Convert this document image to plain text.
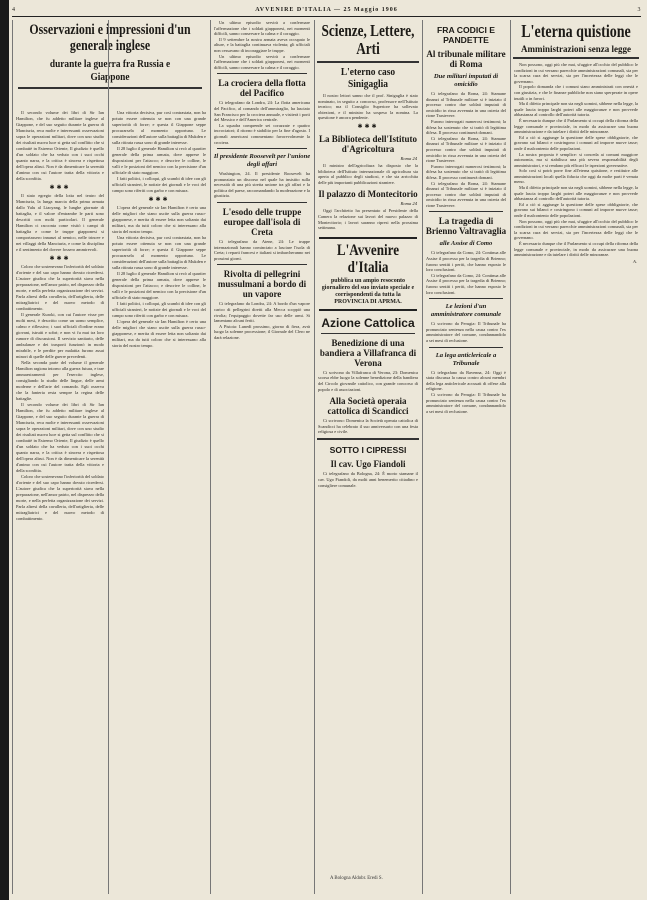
4	AVVENIRE D'ITALIA — 25 Maggio 1906	3
Osservazioni e impressioni d'un generale inglese
durante la guerra fra Russia e Giappone

Il secondo volume dei libri di Sir Ian Hamilton, che fu addetto militare inglese al Giappone, e del suo seguito durante la guerra di Manciuria, reca molte e interessanti osservazioni sopra le operazioni militari, dove con uno studio dei risultati nuova luce si getta sul conflitto che si combattè in Estremo Oriente, Il giudizio è quello d'un soldato che ha veduto con i suoi occhi quanto narra, e la critica è sincera e rispettosa dell'opera altrui. Non è da dimenticare la serenità d'animo con cui l'autore tratta della vittoria e della sconfitta.

✱✱✱

Il stato egregio della lotta nel teatro del Manciuria, la lunga marcia della prima armata dallo Yalu al Liaoyang, le lunghe giornate di battaglia, e il valore d'entrambe le parti sono descritti con molti particolari. Il generale Hamilton ci racconta come visitò i campi di battaglia e come le truppe giapponesi si comportassero innanzi al nemico, nelle trincee e nei villaggi della Manciuria, e come la disciplina e il sentimento del dovere fossero ammirevoli.

✱✱✱

Coloro che sostenevano l'inferiorità del soldato d'oriente e del suo capo hanno dovuto ricredersi. L'autore giudica che la superiorità stava nella preparazione, nell'amor patrio, nel disprezzo della morte, e nella perfetta organizzazione dei servizi. Parla altresì della cavalleria, dell'artiglieria, delle mitragliatrici e del nuovo metodo di combattimento.

Il generale Kuroki, con cui l'autore visse per molti mesi, è descritto come un uomo semplice, calmo e riflessivo; i suoi ufficiali d'ordine erano giovani, istruiti e sobri; e non vi fu mai tra loro rumore di discussioni. Il servizio sanitario, delle ambulanze e dei trasporti funzionò in modo mirabile, e le perdite per malattia furono assai minori di quelle delle guerre precedenti.

Nella seconda parte del volume il generale Hamilton ragiona intorno alla guerra futura, e trae ammaestramenti per l'esercito inglese, consigliando lo studio delle lingue, delle armi moderne e dell'arte del comando. Egli osserva che la fanteria resta sempre la regina delle battaglie.

Il secondo volume dei libri di Sir Ian Hamilton, che fu addetto militare inglese al Giappone, e del suo seguito durante la guerra di Manciuria, reca molte e interessanti osservazioni sopra le operazioni militari, dove con uno studio dei risultati nuova luce si getta sul conflitto che si combattè in Estremo Oriente, Il giudizio è quello d'un soldato che ha veduto con i suoi occhi quanto narra, e la critica è sincera e rispettosa dell'opera altrui. Non è da dimenticare la serenità d'animo con cui l'autore tratta della vittoria e della sconfitta.

Coloro che sostenevano l'inferiorità del soldato d'oriente e del suo capo hanno dovuto ricredersi. L'autore giudica che la superiorità stava nella preparazione, nell'amor patrio, nel disprezzo della morte, e nella perfetta organizzazione dei servizi. Parla altresì della cavalleria, dell'artiglieria, delle mitragliatrici e del nuovo metodo di combattimento.

Una vittoria decisiva, pur così contrastata, non ha potuto essere ottenuta se non con una grande superiorità di forze; e questa il Giappone seppe procurarsela al momento opportuno. Le considerazioni dell'autore sulla battaglia di Mukden e sulla ritirata russa sono di grande interesse.

Il 28 luglio il generale Hamilton si recò al quartier generale della prima armata, dove apprese le disposizioni per l'attacco; e descrive le colline, le valli e le posizioni del nemico con la precisione d'un ufficiale di stato maggiore.

I fatti politici, i colloqui, gli scambi di idee con gli ufficiali stranieri, le notizie dei giornali e le voci del campo sono riferiti con garbo e con misura.

✱✱✱

L'opera del generale sir Ian Hamilton è certo una delle migliori che siano uscite sulla guerra russo-giapponese, e merita di essere letta non soltanto dai militari, ma da tutti coloro che si interessano alla storia del nostro tempo.

Una vittoria decisiva, pur così contrastata, non ha potuto essere ottenuta se non con una grande superiorità di forze; e questa il Giappone seppe procurarsela al momento opportuno. Le considerazioni dell'autore sulla battaglia di Mukden e sulla ritirata russa sono di grande interesse.

Il 28 luglio il generale Hamilton si recò al quartier generale della prima armata, dove apprese le disposizioni per l'attacco; e descrive le colline, le valli e le posizioni del nemico con la precisione d'un ufficiale di stato maggiore.

I fatti politici, i colloqui, gli scambi di idee con gli ufficiali stranieri, le notizie dei giornali e le voci del campo sono riferiti con garbo e con misura.

L'opera del generale sir Ian Hamilton è certo una delle migliori che siano uscite sulla guerra russo-giapponese, e merita di essere letta non soltanto dai militari, ma da tutti coloro che si interessano alla storia del nostro tempo.

Un ultimo episodio servirà a confermare l'affermazione che i soldati giapponesi, nei momenti difficili, sanno conservare la calma e il coraggio.

Il 9 settembre la nostra armata aveva occupato le alture, e la battaglia continuava violenta; gli ufficiali non cessavano di incoraggiare le truppe.

Un ultimo episodio servirà a confermare l'affermazione che i soldati giapponesi, nei momenti difficili, sanno conservare la calma e il coraggio.

La crociera della flotta del Pacifico

Ci telegrafano da Londra, 24: La flotta americana del Pacifico, al comando dell'ammiraglio, ha lasciato San Francisco per la crociera annuale, e visiterà i porti del Messico e dell'America centrale.

La squadra comprende sei corazzate e quattro incrociatori; il ritorno è stabilito per la fine d'agosto. I giornali americani commentano favorevolmente la crociera.

Il presidente Roosevelt per l'unione degli affari

Washington, 24. Il presidente Roosevelt ha pronunziato un discorso nel quale ha insistito sulla necessità di una più stretta unione tra gli affari e la politica del paese, raccomandando la moderazione e la giustizia.

L'esodo delle truppe europee dall'isola di Creta

Ci telegrafano da Atene, 24: Le truppe internazionali hanno cominciato a lasciare l'isola di Creta; i reparti francesi e italiani si imbarcheranno nei prossimi giorni.

Rivolta di pellegrini mussulmani a bordo di un vapore

Ci telegrafano da Londra, 24: A bordo d'un vapore carico di pellegrini diretti alla Mecca scoppiò una rivolta; l'equipaggio dovette far uso delle armi. Si lamentano alcuni feriti.

A Pistoia: Lunedì prossimo, giorno di fiera, avrà luogo la solenne processione; il Giornale del Clero ne darà relazione.

Scienze, Lettere, Arti
L'eterno caso Sinigaglia

Il nostro lettori sanno che il prof. Sinigaglia è stato nominato, in seguito a concorso, professore nell'Istituto tecnico; ma il Consiglio Superiore ha sollevato obiezioni, e il ministro ha sospeso la nomina. La questione è ancora pendente.

✱✱✱
La Biblioteca dell'Istituto d'Agricoltura
Roma 24

Il ministro dell'agricoltura ha disposto che la biblioteca dell'Istituto internazionale di agricoltura sia aperta al pubblico degli studiosi, e che sia arricchita delle più importanti pubblicazioni straniere.

Il palazzo di Montecitorio
Roma 24

Oggi l'architetto ha presentato al Presidente della Camera la relazione sui lavori del nuovo palazzo di Montecitorio; i lavori saranno ripresi nella prossima settimana.

L'Avvenire d'Italia
pubblica un ampio resoconto giornaliero del suo inviato speciale e corrispondenti da tutta la PROVINCIA DI APRMA.
Azione Cattolica
Benedizione di una bandiera a Villafranca di Verona

Ci scrivono da Villafranca di Verona, 23: Domenica scorsa ebbe luogo la solenne benedizione della bandiera del Circolo giovanile cattolico, con grande concorso di popolo e di associazioni.

Alla Società operaia cattolica di Scandicci

Ci scrivono: Domenica la Società operaia cattolica di Scandicci ha celebrato il suo anniversario con una festa religiosa e civile.

SOTTO I CIPRESSI
Il cav. Ugo Fiandoli

Ci telegrafano da Bologna, 24: È morto stamane il cav. Ugo Fiandoli, da molti anni benemerito cittadino e consigliere comunale.

FRA CODICI E PANDETTE
Al tribunale militare di Roma
Due militari imputati di omicidio

Ci telegrafano da Roma, 24: Stamane dinanzi al Tribunale militare si è iniziato il processo contro due soldati imputati di omicidio in rissa avvenuta in una osteria del rione Trastevere.

Furono interrogati numerosi testimoni; la difesa ha sostenuto che si trattò di legittima difesa. Il processo continuerà domani.

Ci telegrafano da Roma, 24: Stamane dinanzi al Tribunale militare si è iniziato il processo contro due soldati imputati di omicidio in rissa avvenuta in una osteria del rione Trastevere.

Furono interrogati numerosi testimoni; la difesa ha sostenuto che si trattò di legittima difesa. Il processo continuerà domani.

Ci telegrafano da Roma, 24: Stamane dinanzi al Tribunale militare si è iniziato il processo contro due soldati imputati di omicidio in rissa avvenuta in una osteria del rione Trastevere.

La tragedia di Brienno Valtravaglia
alle Assise di Como

Ci telegrafano da Como, 24: Continua alle Assise il processo per la tragedia di Brienno; furono sentiti i periti, che hanno esposto le loro conclusioni.

Ci telegrafano da Como, 24: Continua alle Assise il processo per la tragedia di Brienno; furono sentiti i periti, che hanno esposto le loro conclusioni.

Le lezioni d'un amministratore comunale

Ci scrivono da Perugia: Il Tribunale ha pronunciato sentenza nella causa contro l'ex amministratore del comune, condannandolo a sei mesi di reclusione.

La lega anticlericale a Tribunale

Ci telegrafano da Ravenna, 24: Oggi è stata discussa la causa contro alcuni membri della lega anticlericale accusati di offese alla religione.

Ci scrivono da Perugia: Il Tribunale ha pronunciato sentenza nella causa contro l'ex amministratore del comune, condannandolo a sei mesi di reclusione.

L'eterna quistione
Amministrazioni senza legge

Non possono, oggi più che mai, sfuggire all'occhio del pubblico le condizioni in cui versano parecchie amministrazioni comunali, sia per la scarsa cura dei servizi, sia per l'incertezza delle leggi che le governano.

Il popolo domanda che i comuni siano amministrati con onestà e con giustizia, e che le finanze pubbliche non siano sperperate in opere inutili o in favori.

Ma il difetto principale non sta negli uomini, sibbene nella legge, la quale lascia troppo larghi poteri alle maggioranze e non provvede abbastanza al controllo dell'autorità tutoria.

È necessario dunque che il Parlamento si occupi della riforma della legge comunale e provinciale, in modo da assicurare una buona amministrazione e da tutelare i diritti delle minoranze.

Ed a ciò si aggiunge la questione delle spese obbligatorie, che gravano sui bilanci e costringono i comuni ad imporre nuove tasse; onde il malcontento delle popolazioni.

La nostra proposta è semplice: si conceda ai comuni maggiore autonomia, ma si stabilisca una più severa responsabilità degli amministratori, e si rendano più efficaci le ispezioni governative.

Solo così si potrà porre fine all'eterna quistione, e restituire alle amministrazioni locali quella fiducia che oggi da molte parti è venuta meno.

Ma il difetto principale non sta negli uomini, sibbene nella legge, la quale lascia troppo larghi poteri alle maggioranze e non provvede abbastanza al controllo dell'autorità tutoria.

Ed a ciò si aggiunge la questione delle spese obbligatorie, che gravano sui bilanci e costringono i comuni ad imporre nuove tasse; onde il malcontento delle popolazioni.

Non possono, oggi più che mai, sfuggire all'occhio del pubblico le condizioni in cui versano parecchie amministrazioni comunali, sia per la scarsa cura dei servizi, sia per l'incertezza delle leggi che le governano.

È necessario dunque che il Parlamento si occupi della riforma della legge comunale e provinciale, in modo da assicurare una buona amministrazione e da tutelare i diritti delle minoranze.

A.
A Bologna Aldobr. Eredi S.
